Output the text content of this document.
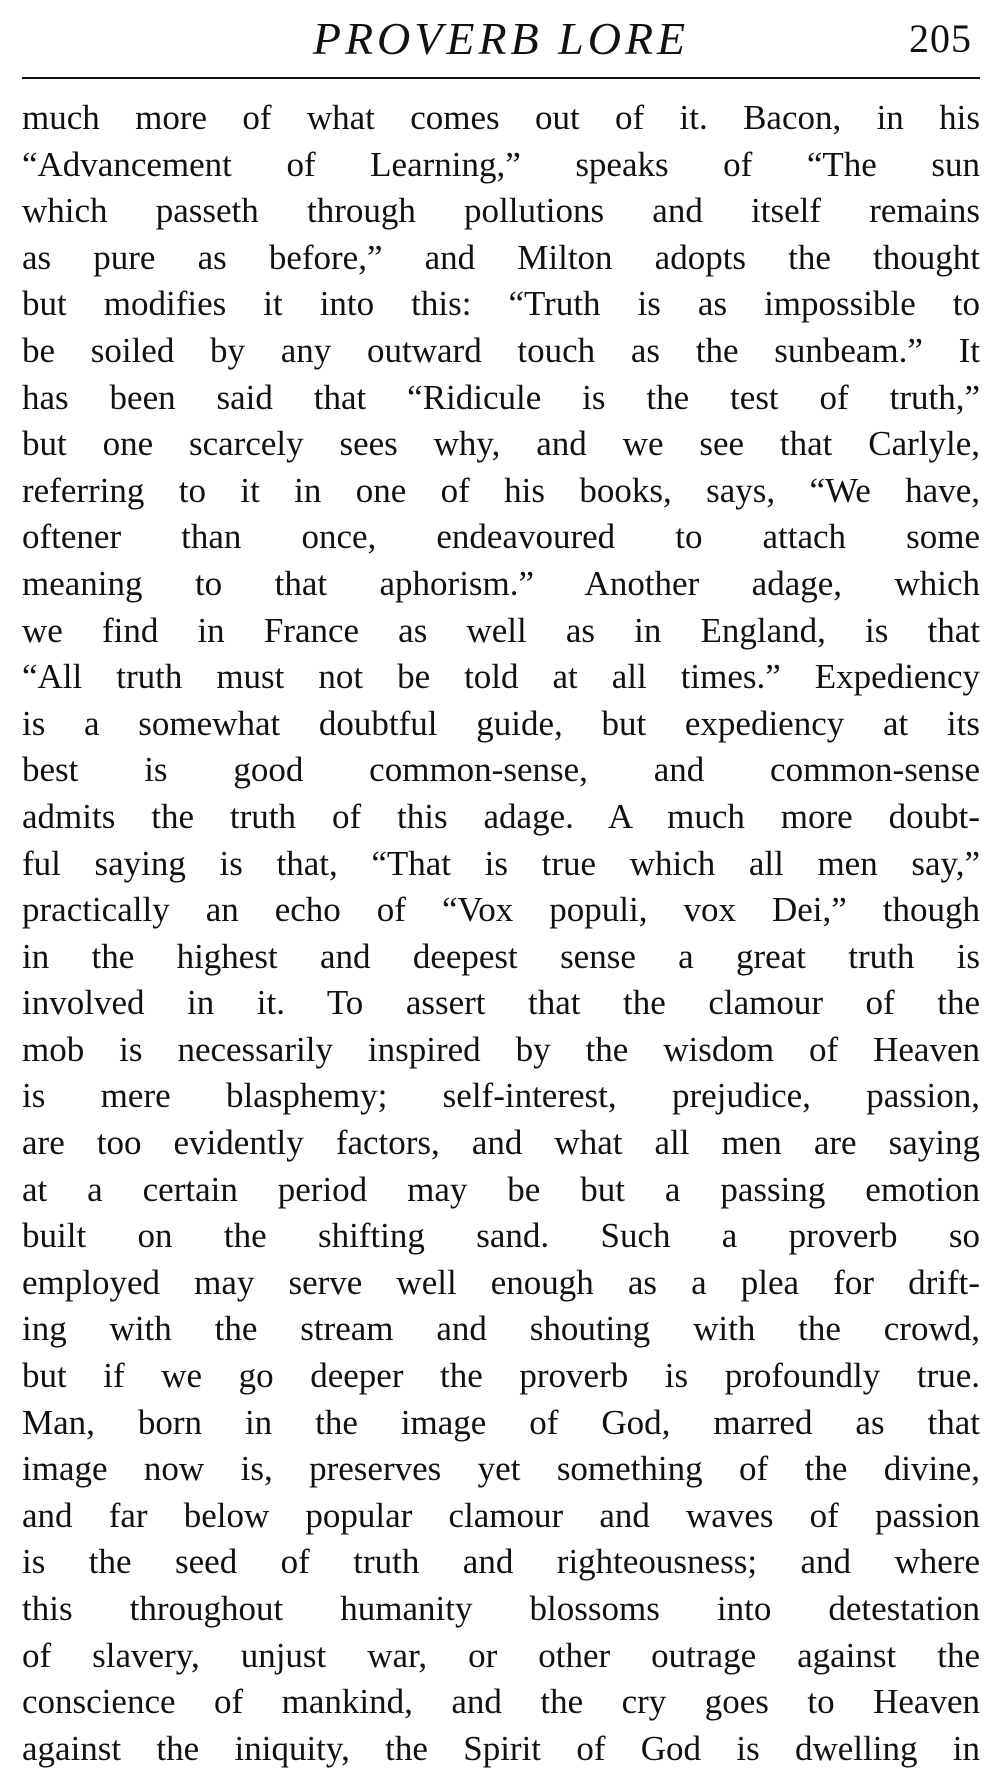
PROVERB LORE	205
much more of what comes out of it. Bacon, in his
“Advancement of Learning,” speaks of “The sun
which passeth through pollutions and itself remains
as pure as before,” and Milton adopts the thought
but modifies it into this: “Truth is as impossible to
be soiled by any outward touch as the sunbeam.” It
has been said that “Ridicule is the test of truth,”
but one scarcely sees why, and we see that Carlyle,
referring to it in one of his books, says, “We have,
oftener than once, endeavoured to attach some
meaning to that aphorism.” Another adage, which
we find in France as well as in England, is that
“All truth must not be told at all times.” Expediency
is a somewhat doubtful guide, but expediency at its
best is good common-sense, and common-sense
admits the truth of this adage. A much more doubt-
ful saying is that, “That is true which all men say,”
practically an echo of “Vox populi, vox Dei,” though
in the highest and deepest sense a great truth is
involved in it. To assert that the clamour of the
mob is necessarily inspired by the wisdom of Heaven
is mere blasphemy; self-interest, prejudice, passion,
are too evidently factors, and what all men are saying
at a certain period may be but a passing emotion
built on the shifting sand. Such a proverb so
employed may serve well enough as a plea for drift-
ing with the stream and shouting with the crowd,
but if we go deeper the proverb is profoundly true.
Man, born in the image of God, marred as that
image now is, preserves yet something of the divine,
and far below popular clamour and waves of passion
is the seed of truth and righteousness; and where
this throughout humanity blossoms into detestation
of slavery, unjust war, or other outrage against the
conscience of mankind, and the cry goes to Heaven
against the iniquity, the Spirit of God is dwelling in
